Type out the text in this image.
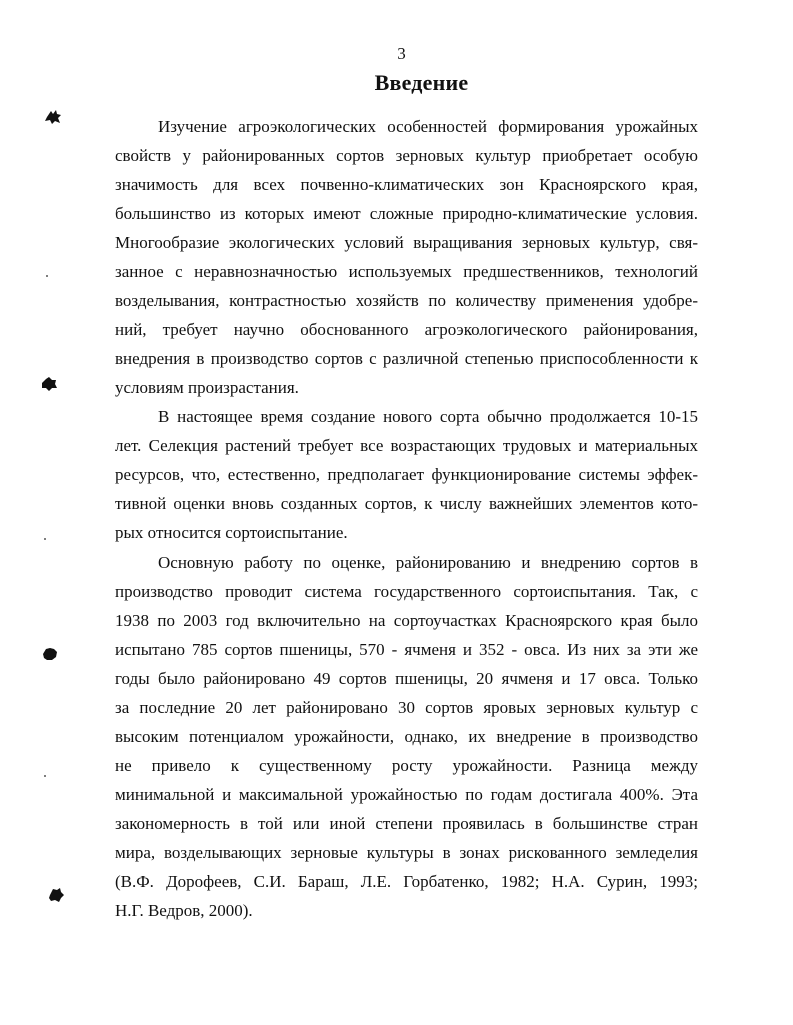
3
Введение
Изучение агроэкологических особенностей формирования урожайных
свойств у районированных сортов зерновых культур приобретает особую
значимость для всех почвенно-климатических зон Красноярского края,
большинство из которых имеют сложные природно-климатические условия.
Многообразие экологических условий выращивания зерновых культур, свя-
занное с неравнозначностью используемых предшественников, технологий
возделывания, контрастностью хозяйств по количеству применения удобре-
ний, требует научно обоснованного агроэкологического районирования,
внедрения в производство сортов с различной степенью приспособленности к
условиям произрастания.
В настоящее время создание нового сорта обычно продолжается 10-15
лет. Селекция растений требует все возрастающих трудовых и материальных
ресурсов, что, естественно, предполагает функционирование системы эффек-
тивной оценки вновь созданных сортов, к числу важнейших элементов кото-
рых относится сортоиспытание.
Основную работу по оценке, районированию и внедрению сортов в
производство проводит система государственного сортоиспытания. Так, с
1938 по 2003 год включительно на сортоучастках Красноярского края было
испытано 785 сортов пшеницы, 570 - ячменя и 352 - овса. Из них за эти же
годы было районировано 49 сортов пшеницы, 20 ячменя и 17 овса. Только
за последние 20 лет районировано 30 сортов яровых зерновых культур с
высоким потенциалом урожайности, однако, их внедрение в производство
не привело к существенному росту урожайности. Разница между
минимальной и максимальной урожайностью по годам достигала 400%. Эта
закономерность в той или иной степени проявилась в большинстве стран
мира, возделывающих зерновые культуры в зонах рискованного земледелия
(В.Ф. Дорофеев, С.И. Бараш, Л.Е. Горбатенко, 1982; Н.А. Сурин, 1993;
Н.Г. Ведров, 2000).
